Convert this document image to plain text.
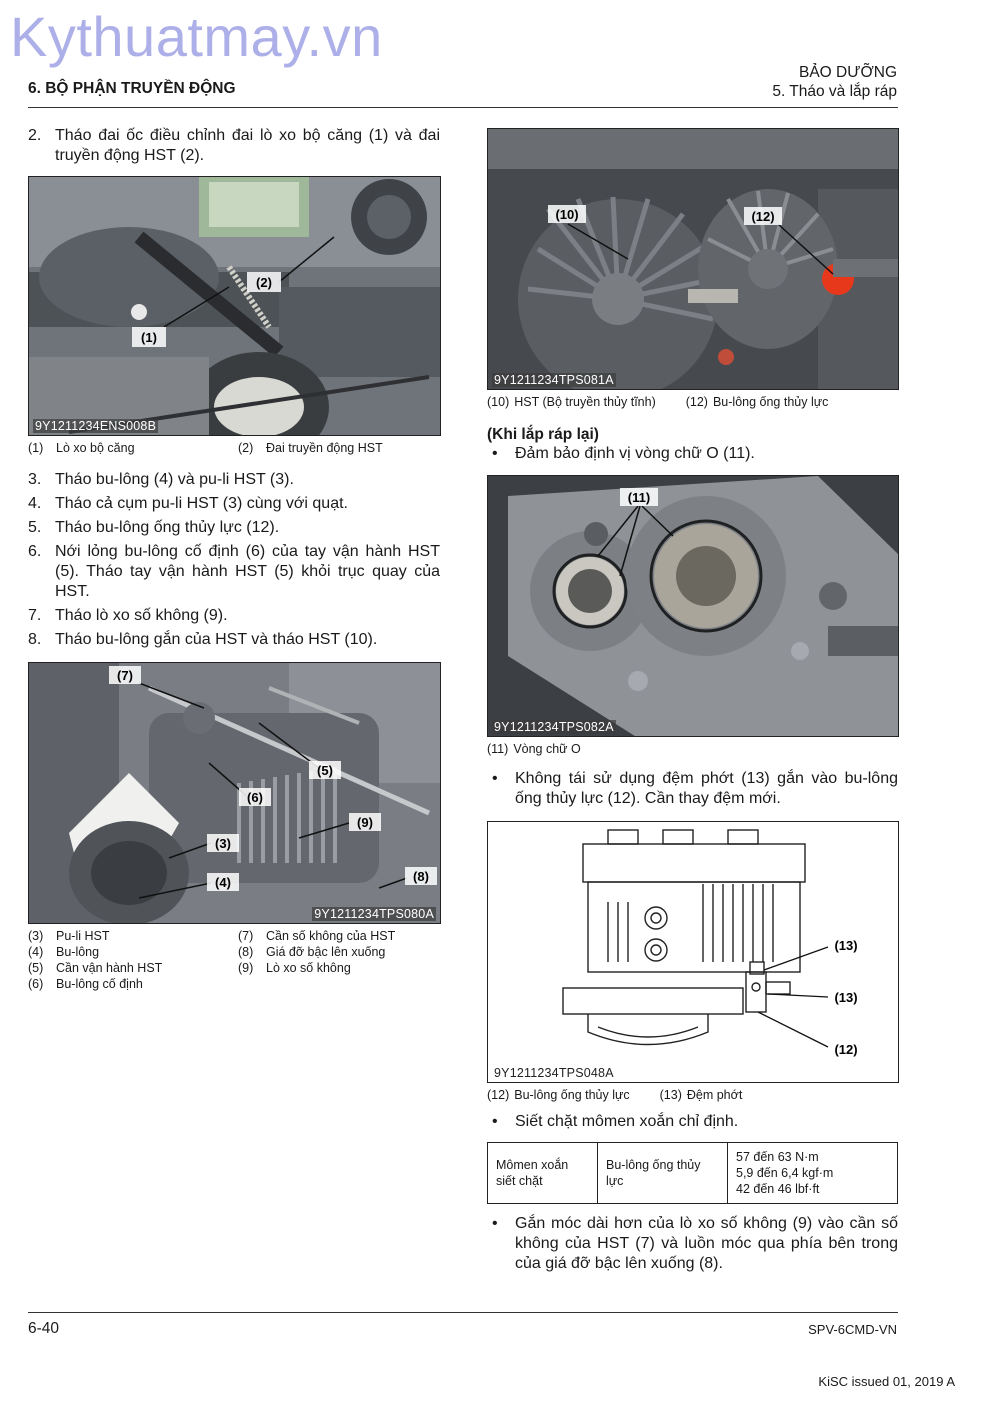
Kythuatmay.vn
6. BỘ PHẬN TRUYỀN ĐỘNG
BẢO DƯỠNG
5. Tháo và lắp ráp
2. Tháo đai ốc điều chỉnh đai lò xo bộ căng (1) và đai truyền động HST (2).
(1)
(2)
9Y1211234ENS008B
(1)	Lò xo bộ căng	(2)	Đai truyền động HST
3. Tháo bu-lông (4) và pu-li HST (3).
4. Tháo cả cụm pu-li HST (3) cùng với quạt.
5. Tháo bu-lông ống thủy lực (12).
6. Nới lỏng bu-lông cố định (6) của tay vận hành HST (5). Tháo tay vận hành HST (5) khỏi trục quay của HST.
7. Tháo lò xo số không (9).
8. Tháo bu-lông gắn của HST và tháo HST (10).
(7)
(5)
(6)
(9)
(3)
(4)	(8)
9Y1211234TPS080A
(3)	Pu-li HST	(7)	Cần số không của HST
(4)	Bu-lông	(8)	Giá đỡ bậc lên xuống
(5)	Cần vận hành HST	(9)	Lò xo số không
(6)	Bu-lông cố định
(10)	(12)
9Y1211234TPS081A
(10) HST (Bộ truyền thủy tĩnh) (12) Bu-lông ống thủy lực
(Khi lắp ráp lại)
•	Đảm bảo định vị vòng chữ O (11).
(11)
9Y1211234TPS082A
(11) Vòng chữ O
•	Không tái sử dụng đệm phớt (13) gắn vào bu-lông ống thủy lực (12). Cần thay đệm mới.
(13)
(13)
(12)
9Y1211234TPS048A
(12) Bu-lông ống thủy lực (13) Đệm phớt
•	Siết chặt mômen xoắn chỉ định.
Mômen xoắn siết chặt	Bu-lông ống thủy lực	
57 đến 63 N·m
5,9 đến 6,4 kgf·m
42 đến 46 lbf·ft
•	Gắn móc dài hơn của lò xo số không (9) vào cần số không của HST (7) và luồn móc qua phía bên trong của giá đỡ bậc lên xuống (8).
6-40	SPV-6CMD-VN
KiSC issued 01, 2019 A
